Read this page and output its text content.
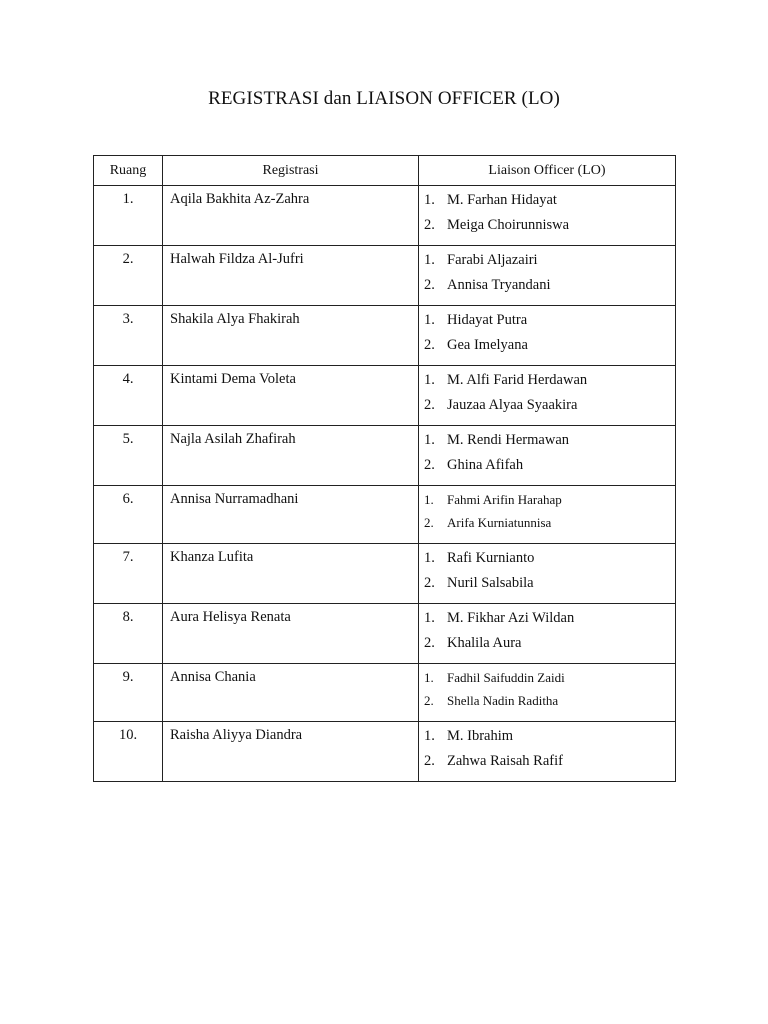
REGISTRASI dan LIAISON OFFICER (LO)
Ruang	Registrasi	Liaison Officer (LO)
1.	Aqila Bakhita Az-Zahra	1. M. Farhan Hidayat
2. Meiga Choirunniswa

2.	Halwah Fildza Al-Jufri	1. Farabi Aljazairi
2. Annisa Tryandani

3.	Shakila Alya Fhakirah	1. Hidayat Putra
2. Gea Imelyana

4.	Kintami Dema Voleta	1. M. Alfi Farid Herdawan
2. Jauzaa Alyaa Syaakira

5.	Najla Asilah Zhafirah	1. M. Rendi Hermawan
2. Ghina Afifah

6.	Annisa Nurramadhani	1. Fahmi Arifin Harahap
2. Arifa Kurniatunnisa

7.	Khanza Lufita	1. Rafi Kurnianto
2. Nuril Salsabila

8.	Aura Helisya Renata	1. M. Fikhar Azi Wildan
2. Khalila Aura

9.	Annisa Chania	1. Fadhil Saifuddin Zaidi
2. Shella Nadin Raditha

10.	Raisha Aliyya Diandra	1. M. Ibrahim
2. Zahwa Raisah Rafif
